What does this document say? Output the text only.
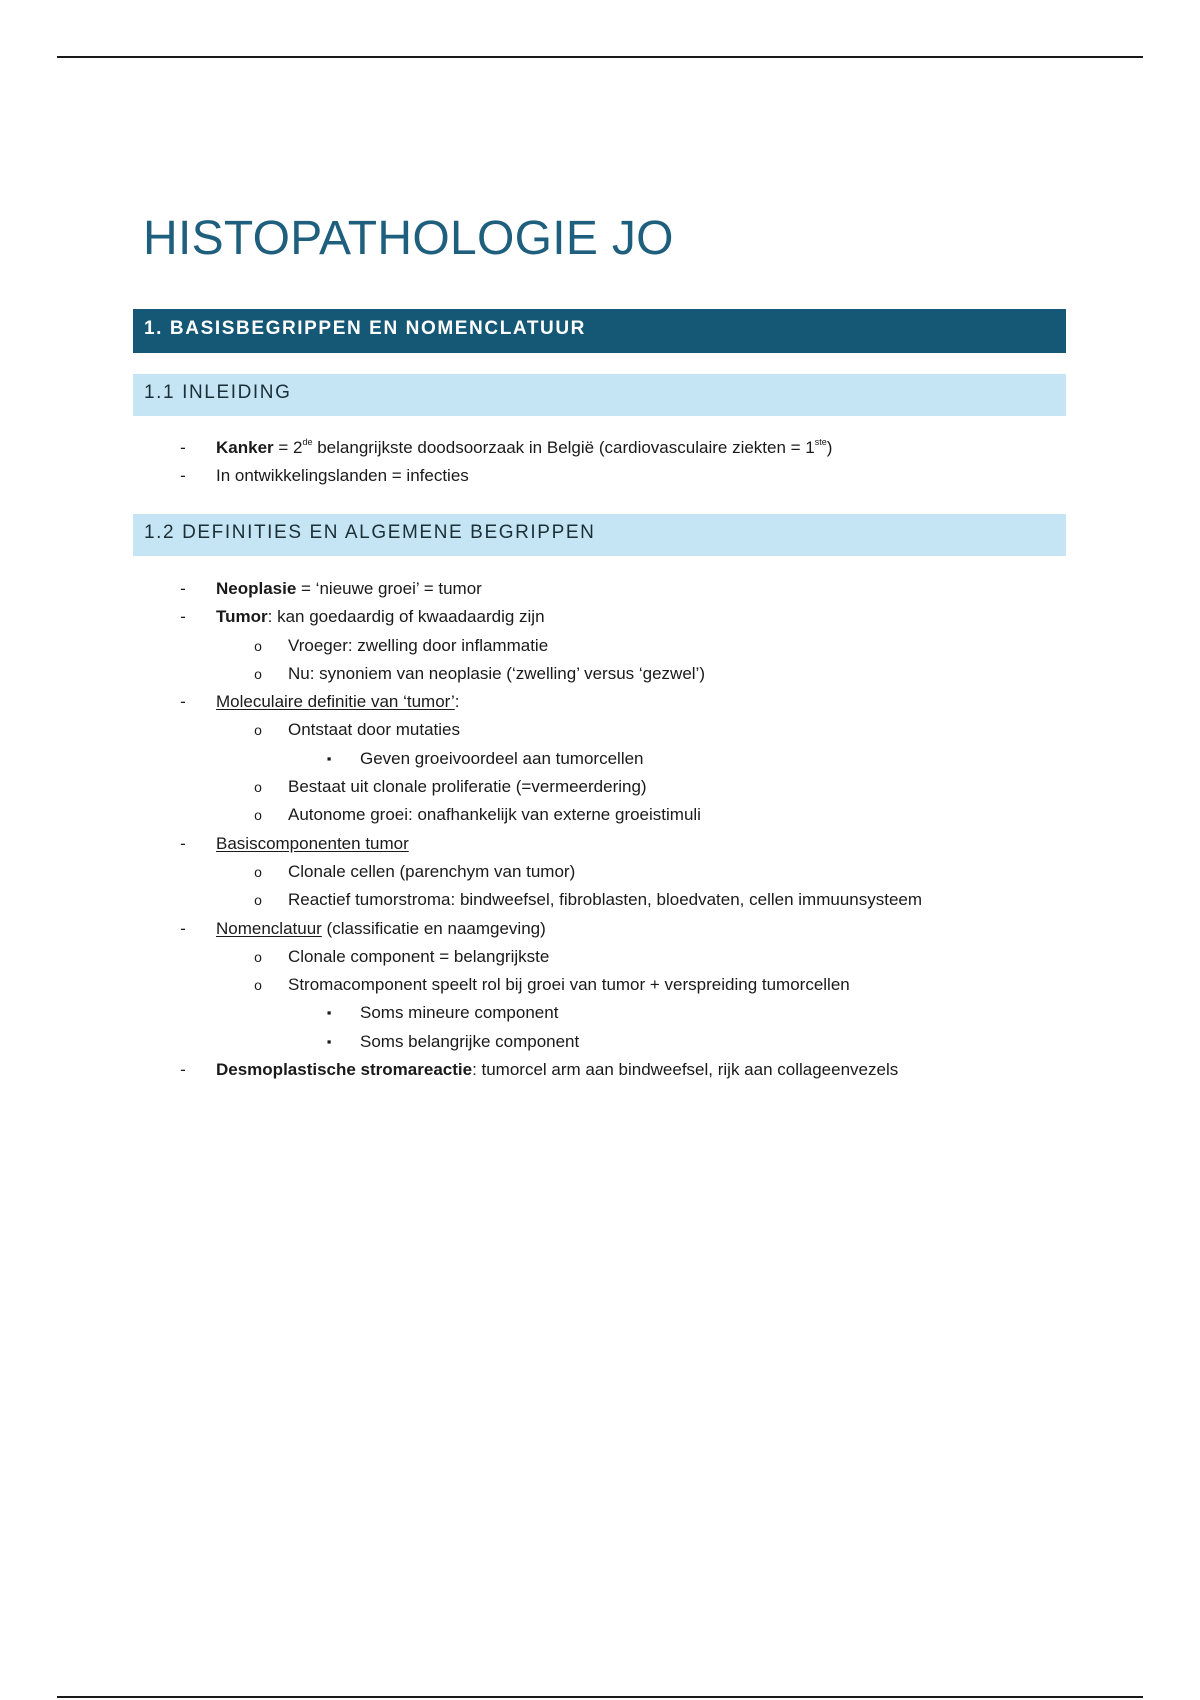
HISTOPATHOLOGIE JO
1. BASISBEGRIPPEN EN NOMENCLATUUR
1.1 INLEIDING
- Kanker = 2de belangrijkste doodsoorzaak in België (cardiovasculaire ziekten = 1ste)
- In ontwikkelingslanden = infecties
1.2 DEFINITIES EN ALGEMENE BEGRIPPEN
- Neoplasie = ‘nieuwe groei’ = tumor
- Tumor: kan goedaardig of kwaadaardig zijn
o Vroeger: zwelling door inflammatie
o Nu: synoniem van neoplasie (‘zwelling’ versus ‘gezwel’)
- Moleculaire definitie van ‘tumor’:
o Ontstaat door mutaties
▪ Geven groeivoordeel aan tumorcellen
o Bestaat uit clonale proliferatie (=vermeerdering)
o Autonome groei: onafhankelijk van externe groeistimuli
- Basiscomponenten tumor
o Clonale cellen (parenchym van tumor)
o Reactief tumorstroma: bindweefsel, fibroblasten, bloedvaten, cellen immuunsysteem
- Nomenclatuur (classificatie en naamgeving)
o Clonale component = belangrijkste
o Stromacomponent speelt rol bij groei van tumor + verspreiding tumorcellen
▪ Soms mineure component
▪ Soms belangrijke component
- Desmoplastische stromareactie: tumorcel arm aan bindweefsel, rijk aan collageenvezels
